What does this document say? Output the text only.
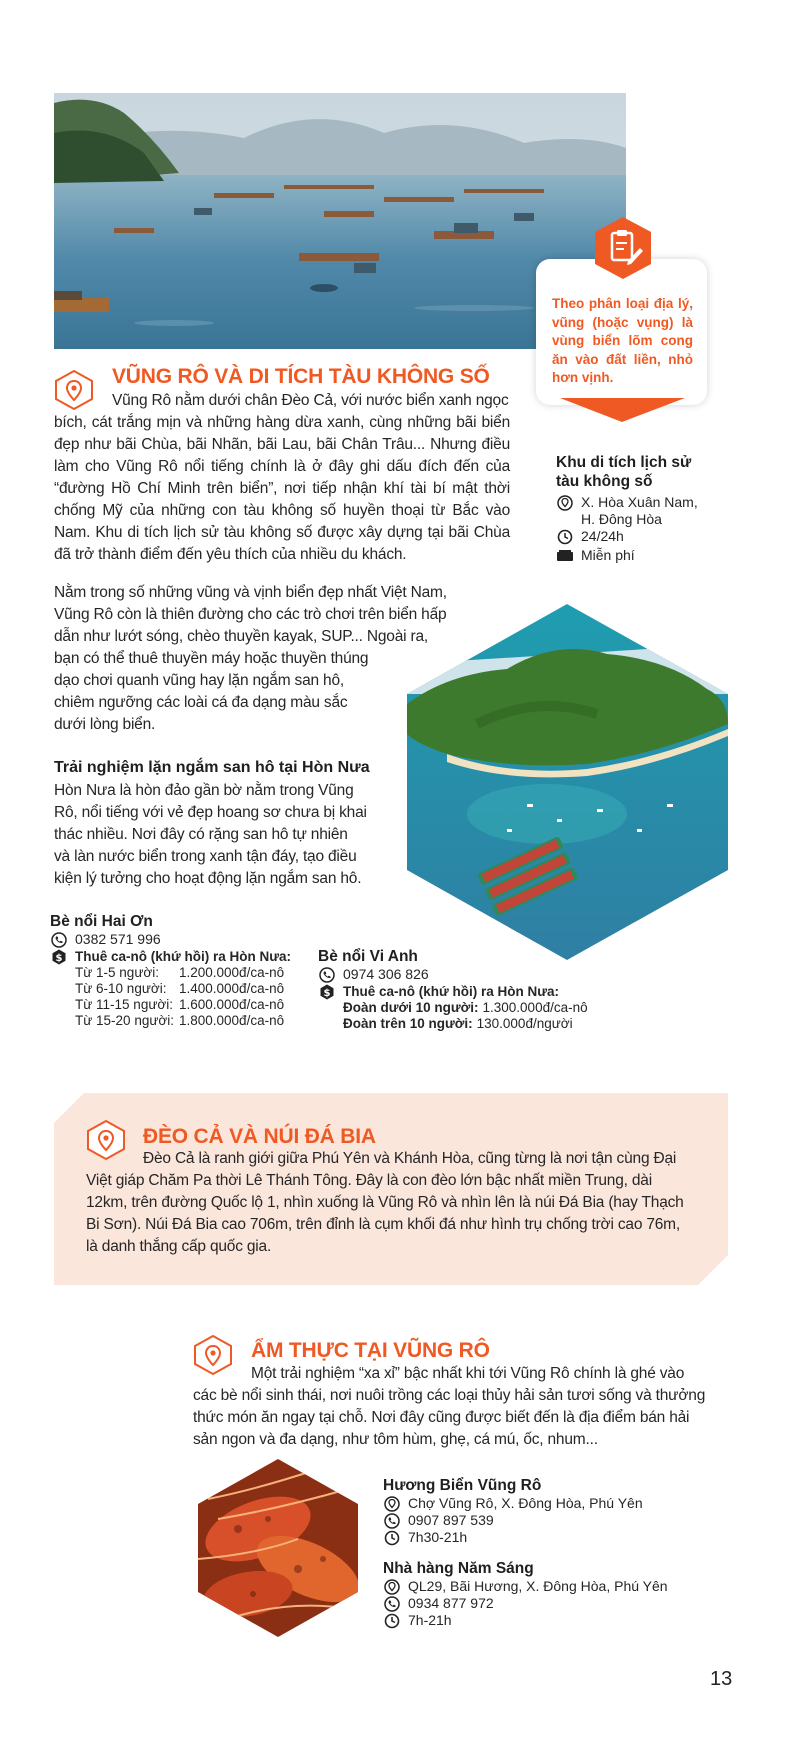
Theo phân loại địa lý, vũng (hoặc vụng) là vùng biển lõm cong ăn vào đất liền, nhỏ hơn vịnh.
VŨNG RÔ VÀ DI TÍCH TÀU KHÔNG SỐ
Vũng Rô nằm dưới chân Đèo Cả, với nước biển xanh ngọc
bích, cát trắng mịn và những hàng dừa xanh, cùng những bãi biển đẹp như bãi Chùa, bãi Nhãn, bãi Lau, bãi Chân Trâu... Nhưng điều làm cho Vũng Rô nổi tiếng chính là ở đây ghi dấu đích đến của “đường Hồ Chí Minh trên biển”, nơi tiếp nhận khí tài bí mật thời chống Mỹ của những con tàu không số huyền thoại từ Bắc vào Nam. Khu di tích lịch sử tàu không số được xây dựng tại bãi Chùa đã trở thành điểm đến yêu thích của nhiều du khách.
Nằm trong số những vũng và vịnh biển đẹp nhất Việt Nam,
Vũng Rô còn là thiên đường cho các trò chơi trên biển hấp
dẫn như lướt sóng, chèo thuyền kayak, SUP... Ngoài ra,
bạn có thể thuê thuyền máy hoặc thuyền thúng
dạo chơi quanh vũng hay lặn ngắm san hô,
chiêm ngưỡng các loài cá đa dạng màu sắc
dưới lòng biển.
Khu di tích lịch sử
tàu không số
X. Hòa Xuân Nam,
H. Đông Hòa
24/24h
Miễn phí
Trải nghiệm lặn ngắm san hô tại Hòn Nưa
Hòn Nưa là hòn đảo gần bờ nằm trong Vũng
Rô, nổi tiếng với vẻ đẹp hoang sơ chưa bị khai
thác nhiều. Nơi đây có rặng san hô tự nhiên
và làn nước biển trong xanh tận đáy, tạo điều
kiện lý tưởng cho hoạt động lặn ngắm san hô.
Bè nổi Hai Ơn
0382 571 996
$ Thuê ca-nô (khứ hồi) ra Hòn Nưa:
Từ 1-5 người:	1.200.000đ/ca-nô
Từ 6-10 người: 1.400.000đ/ca-nô
Từ 11-15 người: 1.600.000đ/ca-nô
Từ 15-20 người: 1.800.000đ/ca-nô
Bè nổi Vi Anh
0974 306 826
$ Thuê ca-nô (khứ hồi) ra Hòn Nưa:
Đoàn dưới 10 người: 1.300.000đ/ca-nô
Đoàn trên 10 người: 130.000đ/người
ĐÈO CẢ VÀ NÚI ĐÁ BIA
Đèo Cả là ranh giới giữa Phú Yên và Khánh Hòa, cũng từng là nơi tận cùng Đại
Việt giáp Chăm Pa thời Lê Thánh Tông. Đây là con đèo lớn bậc nhất miền Trung, dài
12km, trên đường Quốc lộ 1, nhìn xuống là Vũng Rô và nhìn lên là núi Đá Bia (hay Thạch
Bi Sơn). Núi Đá Bia cao 706m, trên đỉnh là cụm khối đá như hình trụ chống trời cao 76m,
là danh thắng cấp quốc gia.
ẨM THỰC TẠI VŨNG RÔ
Một trải nghiệm “xa xỉ” bậc nhất khi tới Vũng Rô chính là ghé vào
các bè nổi sinh thái, nơi nuôi trồng các loại thủy hải sản tươi sống và thưởng
thức món ăn ngay tại chỗ. Nơi đây cũng được biết đến là địa điểm bán hải
sản ngon và đa dạng, như tôm hùm, ghẹ, cá mú, ốc, nhum...
Hương Biển Vũng Rô
Chợ Vũng Rô, X. Đông Hòa, Phú Yên
0907 897 539
7h30-21h
Nhà hàng Năm Sáng
QL29, Bãi Hương, X. Đông Hòa, Phú Yên
0934 877 972
7h-21h
13
